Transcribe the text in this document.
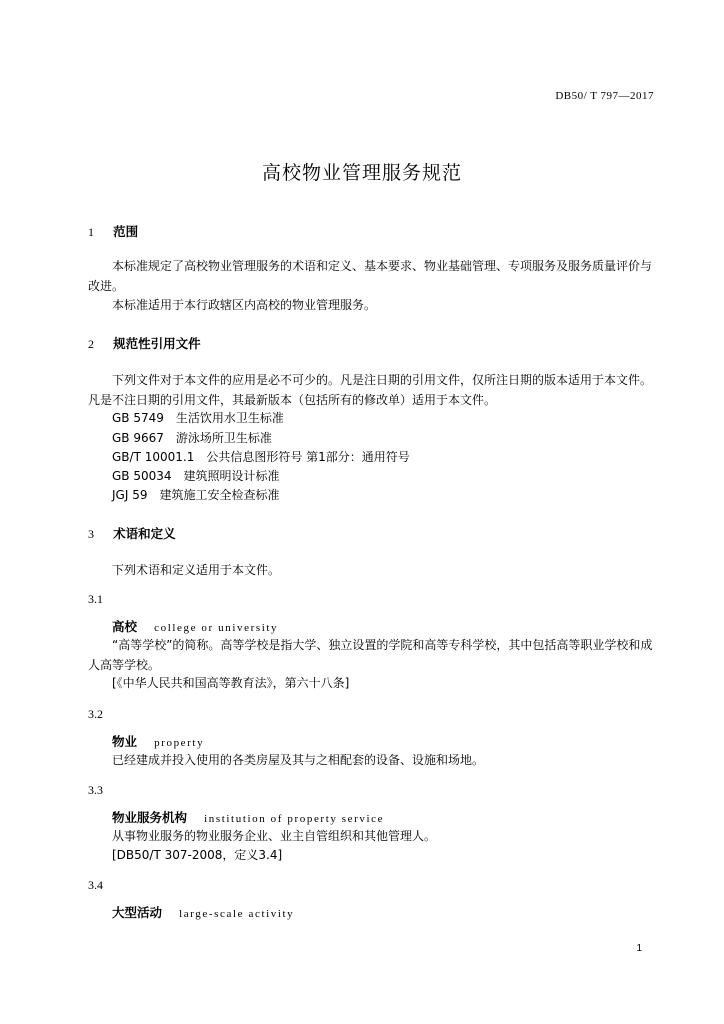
DB50/ T 797—2017
高校物业管理服务规范
1 范围
本标准规定了高校物业管理服务的术语和定义、基本要求、物业基础管理、专项服务及服务质量评价与改进。
本标准适用于本行政辖区内高校的物业管理服务。
2 规范性引用文件
下列文件对于本文件的应用是必不可少的。凡是注日期的引用文件，仅所注日期的版本适用于本文件。凡是不注日期的引用文件，其最新版本（包括所有的修改单）适用于本文件。
GB 5749　生活饮用水卫生标准
GB 9667　游泳场所卫生标准
GB/T 10001.1　公共信息图形符号 第1部分：通用符号
GB 50034　建筑照明设计标准
JGJ 59　建筑施工安全检查标准
3 术语和定义
下列术语和定义适用于本文件。
3.1
高校 college or university
“高等学校”的简称。高等学校是指大学、独立设置的学院和高等专科学校，其中包括高等职业学校和成人高等学校。
[《中华人民共和国高等教育法》，第六十八条]
3.2
物业 property
已经建成并投入使用的各类房屋及其与之相配套的设备、设施和场地。
3.3
物业服务机构 institution of property service
从事物业服务的物业服务企业、业主自管组织和其他管理人。
[DB50/T 307-2008，定义3.4]
3.4
大型活动 large-scale activity
1
